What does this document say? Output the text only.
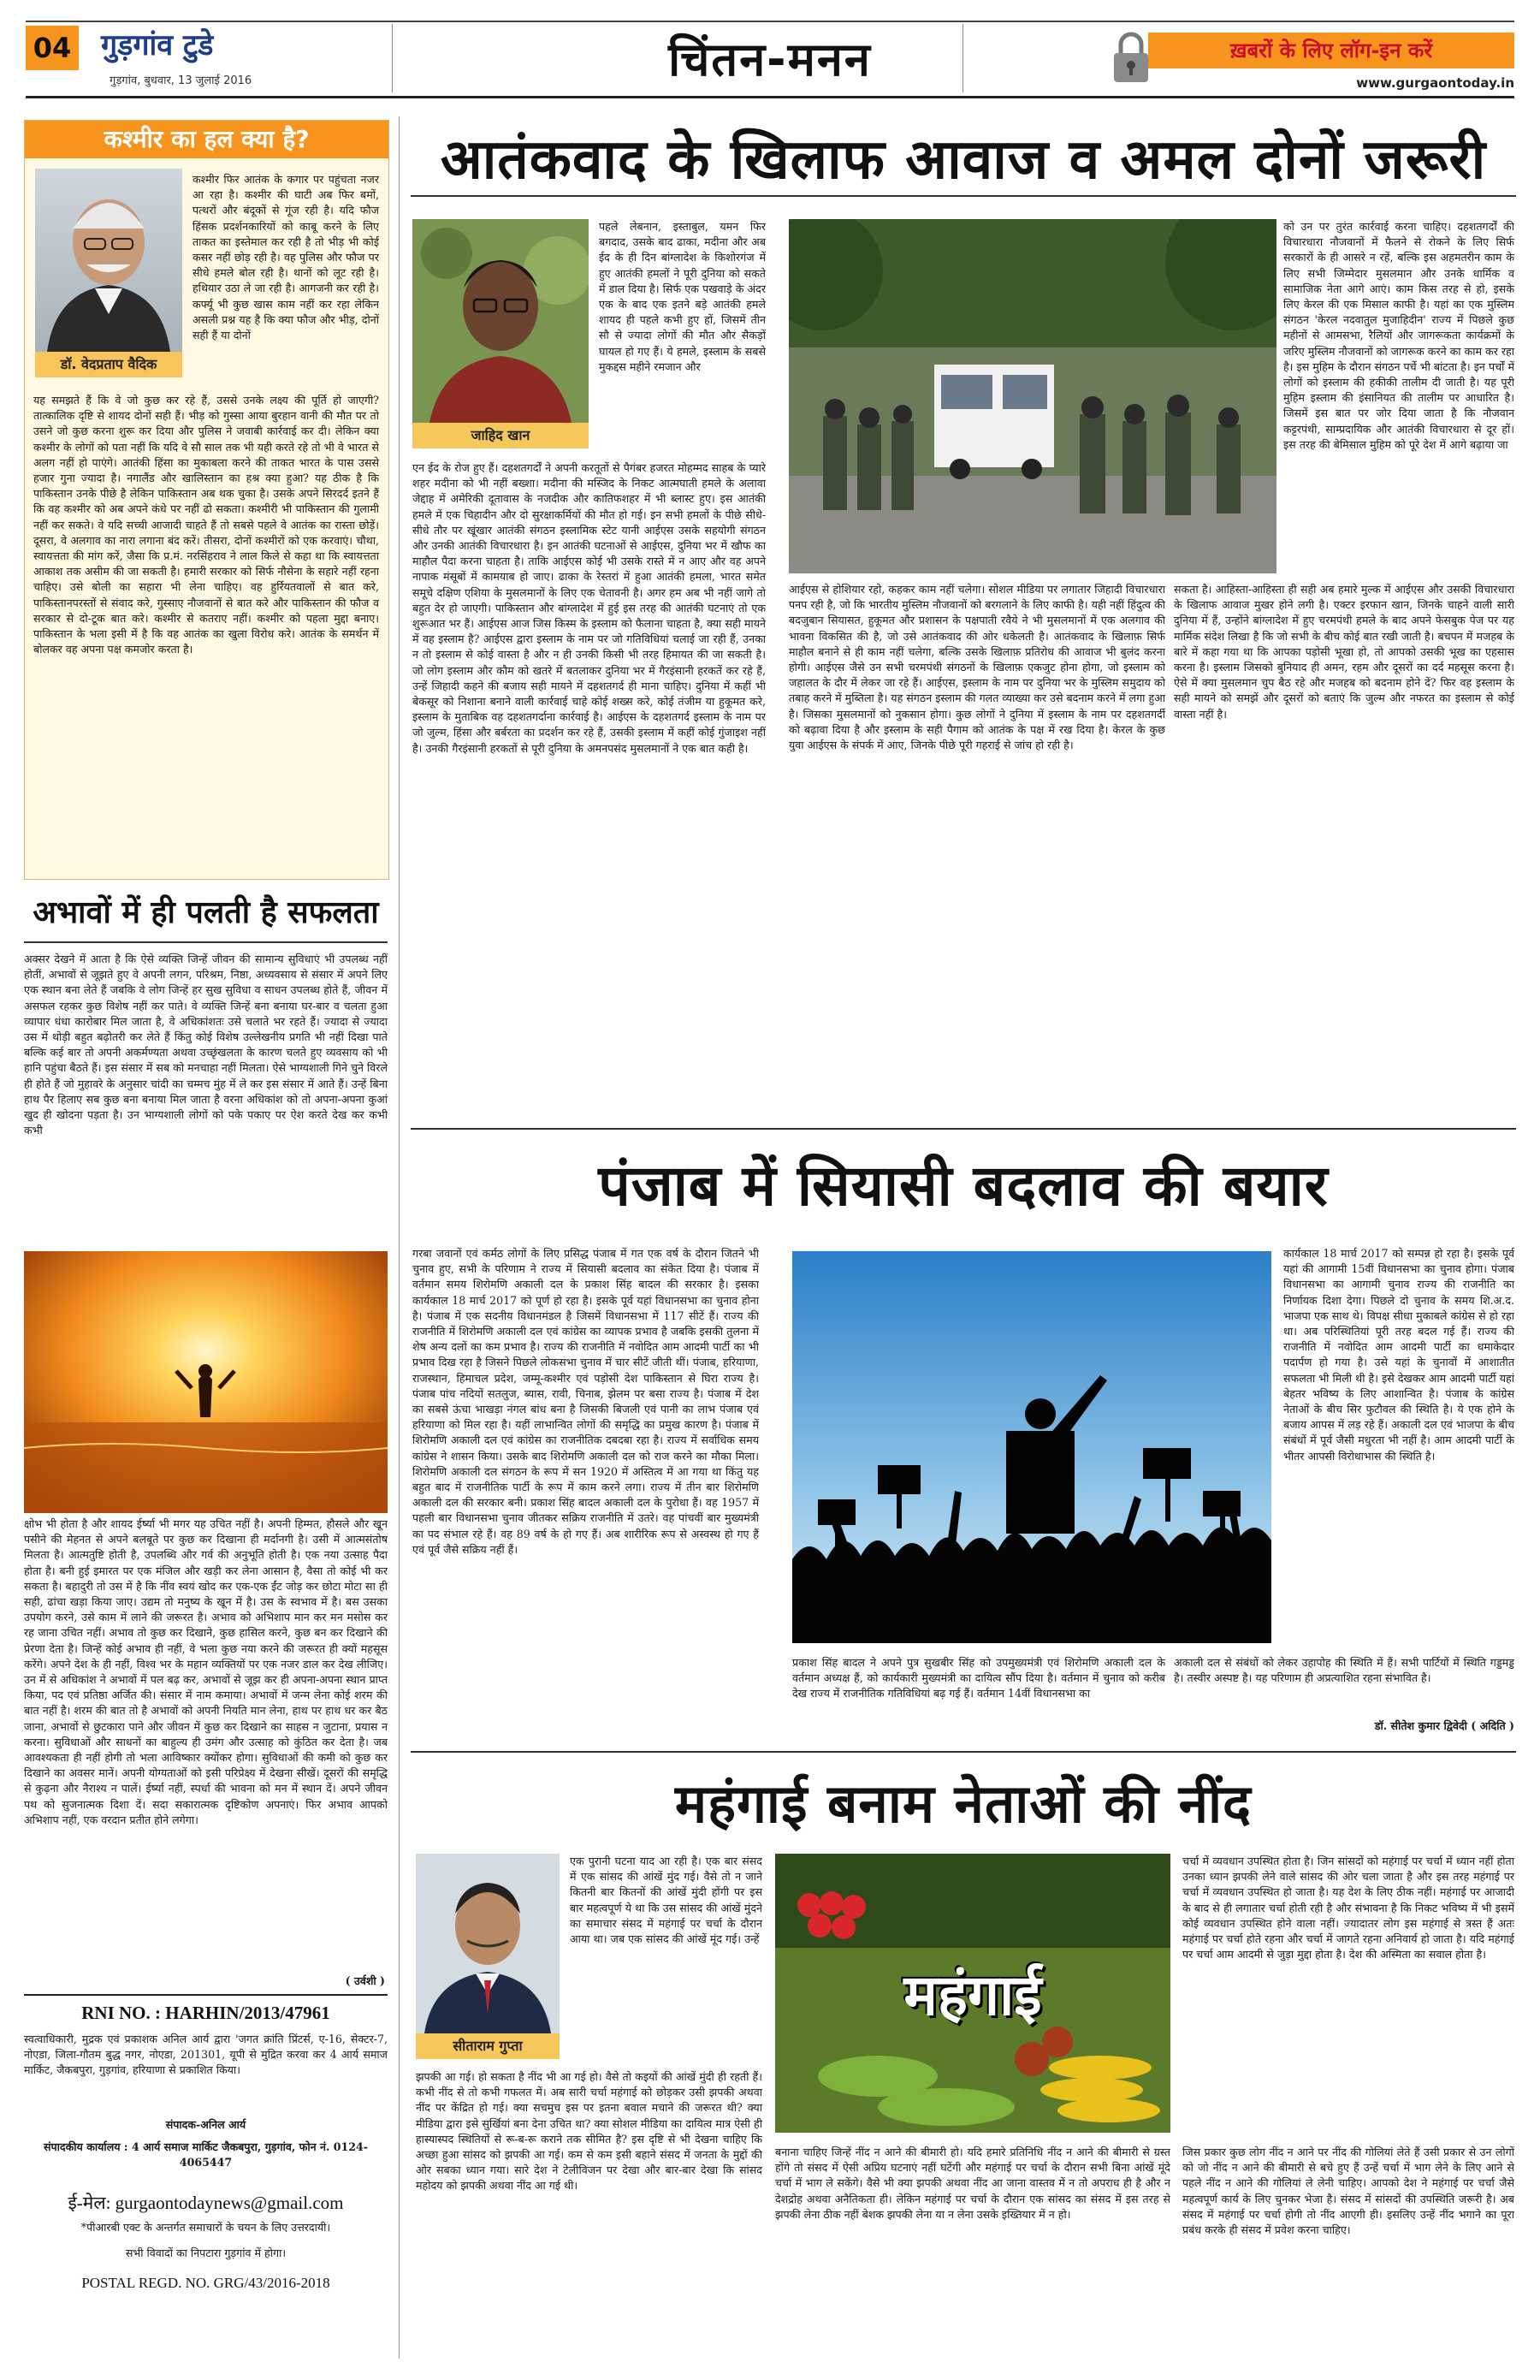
04 गुड़गांव टुडे
गुड़गांव, बुधवार, 13 जुलाई 2016	चिंतन-मनन	ख़बरों के लिए लॉग-इन करें
www.gurgaontoday.in
कश्मीर का हल क्या है?
डॉ. वेदप्रताप वैदिक
कश्मीर फिर आतंक के कगार पर पहुंचता नजर आ रहा है। कश्मीर की घाटी अब फिर बमों, पत्थरों और बंदूकों से गूंज रही है। यदि फौज हिंसक प्रदर्शनकारियों को काबू करने के लिए ताकत का इस्तेमाल कर रही है तो भीड़ भी कोई कसर नहीं छोड़ रही है। वह पुलिस और फौज पर सीधे हमले बोल रही है। थानों को लूट रही है। हथियार उठा ले जा रही है। आगजनी कर रही है। कर्फ्यू भी कुछ खास काम नहीं कर रहा लेकिन असली प्रश्न यह है कि क्या फौज और भीड़, दोनों सही हैं या दोनों
यह समझते हैं कि वे जो कुछ कर रहे हैं, उससे उनके लक्ष्य की पूर्ति हो जाएगी? तात्कालिक दृष्टि से शायद दोनों सही हैं। भीड़ को गुस्सा आया बुरहान वानी की मौत पर तो उसने जो कुछ करना शुरू कर दिया और पुलिस ने जवाबी कार्रवाई कर दी। लेकिन क्या कश्मीर के लोगों को पता नहीं कि यदि वे सौ साल तक भी यही करते रहे तो भी वे भारत से अलग नहीं हो पाएंगे। आतंकी हिंसा का मुकाबला करने की ताकत भारत के पास उससे हजार गुना ज्यादा है। नगालैंड और खालिस्तान का हश्र क्या हुआ? यह ठीक है कि पाकिस्तान उनके पीछे है लेकिन पाकिस्तान अब थक चुका है। उसके अपने सिरदर्द इतने हैं कि वह कश्मीर को अब अपने कंधे पर नहीं ढो सकता। कश्मीरी भी पाकिस्तान की गुलामी नहीं कर सकते। वे यदि सच्ची आजादी चाहते हैं तो सबसे पहले वे आतंक का रास्ता छोड़ें। दूसरा, वे अलगाव का नारा लगाना बंद करें। तीसरा, दोनों कश्मीरों को एक करवाएं। चौथा, स्वायत्तता की मांग करें, जैसा कि प्र.मं. नरसिंहराव ने लाल किले से कहा था कि स्वायत्तता आकाश तक असीम की जा सकती है। हमारी सरकार को सिर्फ नौसेना के सहारे नहीं रहना चाहिए। उसे बोली का सहारा भी लेना चाहिए। वह हुर्रियतवालों से बात करे, पाकिस्तानपरस्तों से संवाद करे, गुस्साए नौजवानों से बात करे और पाकिस्तान की फौज व सरकार से दो-टूक बात करे। कश्मीर से कतराए नहीं। कश्मीर को पहला मुद्दा बनाए। पाकिस्तान के भला इसी में है कि वह आतंक का खुला विरोध करे। आतंक के समर्थन में बोलकर वह अपना पक्ष कमजोर करता है।
अभावों में ही पलती है सफलता
अक्सर देखने में आता है कि ऐसे व्यक्ति जिन्हें जीवन की सामान्य सुविधाएं भी उपलब्ध नहीं होतीं, अभावों से जूझते हुए वे अपनी लगन, परिश्रम, निष्ठा, अध्यवसाय से संसार में अपने लिए एक स्थान बना लेते हैं जबकि वे लोग जिन्हें हर सुख सुविधा व साधन उपलब्ध होते हैं, जीवन में असफल रहकर कुछ विशेष नहीं कर पाते। वे व्यक्ति जिन्हें बना बनाया घर-बार व चलता हुआ व्यापार धंधा कारोबार मिल जाता है, वे अधिकांशतः उसे चलाते भर रहते हैं। ज्यादा से ज्यादा उस में थोड़ी बहुत बढ़ोतरी कर लेते हैं किंतु कोई विशेष उल्लेखनीय प्रगति भी नहीं दिखा पाते बल्कि कई बार तो अपनी अकर्मण्यता अथवा उच्छृंखलता के कारण चलते हुए व्यवसाय को भी हानि पहुंचा बैठते हैं। इस संसार में सब को मनचाहा नहीं मिलता। ऐसे भाग्यशाली गिने चुने विरले ही होते हैं जो मुहावरे के अनुसार चांदी का चम्मच मुंह में ले कर इस संसार में आते हैं। उन्हें बिना हाथ पैर हिलाए सब कुछ बना बनाया मिल जाता है वरना अधिकांश को तो अपना-अपना कुआं खुद ही खोदना पड़ता है। उन भाग्यशाली लोगों को पके पकाए पर ऐश करते देख कर कभी कभी
क्षोभ भी होता है और शायद ईर्ष्या भी मगर यह उचित नहीं है। अपनी हिम्मत, हौसले और खून पसीने की मेहनत से अपने बलबूते पर कुछ कर दिखाना ही मर्दानगी है। उसी में आत्मसंतोष मिलता है। आत्मतुष्टि होती है, उपलब्धि और गर्व की अनुभूति होती है। एक नया उत्साह पैदा होता है। बनी हुई इमारत पर एक मंजिल और खड़ी कर लेना आसान है, वैसा तो कोई भी कर सकता है। बहादुरी तो उस में है कि नींव स्वयं खोद कर एक-एक ईंट जोड़ कर छोटा मोटा सा ही सही, ढांचा खड़ा किया जाए। उद्यम तो मनुष्य के खून में है। उस के स्वभाव में है। बस उसका उपयोग करने, उसे काम में लाने की जरूरत है। अभाव को अभिशाप मान कर मन मसोस कर रह जाना उचित नहीं। अभाव तो कुछ कर दिखाने, कुछ हासिल करने, कुछ बन कर दिखाने की प्रेरणा देता है। जिन्हें कोई अभाव ही नहीं, वे भला कुछ नया करने की जरूरत ही क्यों महसूस करेंगे। अपने देश के ही नहीं, विश्व भर के महान व्यक्तियों पर एक नजर डाल कर देख लीजिए। उन में से अधिकांश ने अभावों में पल बढ़ कर, अभावों से जूझ कर ही अपना-अपना स्थान प्राप्त किया, पद एवं प्रतिष्ठा अर्जित की। संसार में नाम कमाया। अभावों में जन्म लेना कोई शरम की बात नहीं है। शरम की बात तो है अभावों को अपनी नियति मान लेना, हाथ पर हाथ धर कर बैठ जाना, अभावों से छुटकारा पाने और जीवन में कुछ कर दिखाने का साहस न जुटाना, प्रयास न करना। सुविधाओं और साधनों का बाहुल्य ही उमंग और उत्साह को कुंठित कर देता है। जब आवश्यकता ही नहीं होगी तो भला आविष्कार क्योंकर होगा। सुविधाओं की कमी को कुछ कर दिखाने का अवसर मानें। अपनी योग्यताओं को इसी परिप्रेक्ष्य में देखना सीखें। दूसरों की समृद्धि से कुढ़ना और नैराश्य न पालें। ईर्ष्या नहीं, स्पर्धा की भावना को मन में स्थान दें। अपने जीवन पथ को सुजनात्मक दिशा दें। सदा सकारात्मक दृष्टिकोण अपनाएं। फिर अभाव आपको अभिशाप नहीं, एक वरदान प्रतीत होने लगेगा।
( उर्वशी )
RNI NO. : HARHIN/2013/47961
स्वत्वाधिकारी, मुद्रक एवं प्रकाशक अनिल आर्य द्वारा 'जगत क्रांति प्रिंटर्स, ए-16, सेक्टर-7, नोएडा, जिला-गौतम बुद्ध नगर, नोएडा, 201301, यूपी से मुद्रित करवा कर 4 आर्य समाज मार्किट, जैकबपुरा, गुड़गांव, हरियाणा से प्रकाशित किया।
संपादक-अनिल आर्य
संपादकीय कार्यालय : 4 आर्य समाज मार्किट जैकबपुरा, गुड़गांव, फोन नं. 0124-4065447
ई-मेल: gurgaontodaynews@gmail.com
*पीआरबी एक्ट के अन्तर्गत समाचारों के चयन के लिए उत्तरदायी।
सभी विवादों का निपटारा गुड़गांव में होगा।
POSTAL REGD. NO. GRG/43/2016-2018
आतंकवाद के खिलाफ आवाज व अमल दोनों जरूरी
जाहिद खान
पहले लेबनान, इस्ताबुल, यमन फिर बगदाद, उसके बाद ढाका, मदीना और अब ईद के ही दिन बांग्लादेश के किशोरगंज में हुए आतंकी हमलों ने पूरी दुनिया को सकते में डाल दिया है। सिर्फ एक पखवाड़े के अंदर एक के बाद एक इतने बड़े आतंकी हमले शायद ही पहले कभी हुए हों, जिसमें तीन सौ से ज्यादा लोगों की मौत और सैकड़ों घायल हो गए हैं। ये हमले, इस्लाम के सबसे मुकद्दस महीने रमजान और
एन ईद के रोज हुए हैं। दहशतगर्दों ने अपनी करतूतों से पैगंबर हजरत मोहम्मद साहब के प्यारे शहर मदीना को भी नहीं बख्शा। मदीना की मस्जिद के निकट आत्मघाती हमले के अलावा जेद्दाह में अमेरिकी दूतावास के नजदीक और कातिफशहर में भी ब्लास्ट हुए। इस आतंकी हमले में एक चिहादीन और दो सुरक्षाकर्मियों की मौत हो गई। इन सभी हमलों के पीछे सीधे-सीधे तौर पर खूंखार आतंकी संगठन इस्लामिक स्टेट यानी आईएस उसके सहयोगी संगठन और उनकी आतंकी विचारधारा है। इन आतंकी घटनाओं से आईएस, दुनिया भर में खौफ का माहौल पैदा करना चाहता है। ताकि आईएस कोई भी उसके रास्ते में न आए और वह अपने नापाक मंसूबों में कामयाब हो जाए। ढाका के रेस्तरां में हुआ आतंकी हमला, भारत समेत समूचे दक्षिण एशिया के मुसलमानों के लिए एक चेतावनी है। अगर हम अब भी नहीं जागे तो बहुत देर हो जाएगी। पाकिस्तान और बांग्लादेश में हुई इस तरह की आतंकी घटनाएं तो एक शुरूआत भर हैं। आईएस आज जिस किस्म के इस्लाम को फैलाना चाहता है, क्या सही मायने में वह इस्लाम है? आईएस द्वारा इस्लाम के नाम पर जो गतिविधियां चलाई जा रही हैं, उनका न तो इस्लाम से कोई वास्ता है और न ही उनकी किसी भी तरह हिमायत की जा सकती है। जो लोग इस्लाम और कौम को खतरे में बतलाकर दुनिया भर में गैरइंसानी हरकतें कर रहे हैं, उन्हें जिहादी कहने की बजाय सही मायने में दहशतगर्द ही माना चाहिए। दुनिया में कहीं भी बेकसूर को निशाना बनाने वाली कार्रवाई चाहे कोई शख्स करे, कोई तंजीम या हुकूमत करे, इस्लाम के मुताबिक वह दहशतगर्दाना कार्रवाई है। आईएस के दहशतगर्द इस्लाम के नाम पर जो जुल्म, हिंसा और बर्बरता का प्रदर्शन कर रहे हैं, उसकी इस्लाम में कहीं कोई गुंजाइश नहीं है। उनकी गैरइंसानी हरकतों से पूरी दुनिया के अमनपसंद मुसलमानों ने एक बात कही है।
आईएस से होशियार रहो, कहकर काम नहीं चलेगा। सोशल मीडिया पर लगातार जिहादी विचारधारा पनप रही है, जो कि भारतीय मुस्लिम नौजवानों को बरगलाने के लिए काफी है। यही नहीं हिंदुत्व की बदजुबान सियासत, हुकूमत और प्रशासन के पक्षपाती रवैये ने भी मुसलमानों में एक अलगाव की भावना विकसित की है, जो उसे आतंकवाद की ओर धकेलती है। आतंकवाद के खिलाफ़ सिर्फ माहौल बनाने से ही काम नहीं चलेगा, बल्कि उसके खिलाफ़ प्रतिरोध की आवाज भी बुलंद करना होगी। आईएस जैसे उन सभी चरमपंथी संगठनों के खिलाफ़ एकजुट होना होगा, जो इस्लाम को जहालत के दौर में लेकर जा रहे हैं। आईएस, इस्लाम के नाम पर दुनिया भर के मुस्लिम समुदाय को तबाह करने में मुब्तिला है। यह संगठन इस्लाम की गलत व्याख्या कर उसे बदनाम करने में लगा हुआ है। जिसका मुसलमानों को नुकसान होगा। कुछ लोगों ने दुनिया में इस्लाम के नाम पर दहशतगर्दी को बढ़ावा दिया है और इस्लाम के सही पैगाम को आतंक के पक्ष में रख दिया है। केरल के कुछ युवा आईएस के संपर्क में आए, जिनके पीछे पूरी गहराई से जांच हो रही है।
को उन पर तुरंत कार्रवाई करना चाहिए। दहशतगर्दों की विचारधारा नौजवानों में फैलने से रोकने के लिए सिर्फ सरकारों के ही आसरे न रहें, बल्कि इस अहमतरीन काम के लिए सभी जिम्मेदार मुसलमान और उनके धार्मिक व सामाजिक नेता आगे आएं। काम किस तरह से हो, इसके लिए केरल की एक मिसाल काफी है। यहां का एक मुस्लिम संगठन 'केरल नदवातुल मुजाहिदीन' राज्य में पिछले कुछ महीनों से आमसभा, रैलियों और जागरूकता कार्यक्रमों के जरिए मुस्लिम नौजवानों को जागरूक करने का काम कर रहा है। इस मुहिम के दौरान संगठन पर्चे भी बांटता है। इन पर्चों में लोगों को इस्लाम की हकीकी तालीम दी जाती है। यह पूरी मुहिम इस्लाम की इंसानियत की तालीम पर आधारित है। जिसमें इस बात पर जोर दिया जाता है कि नौजवान कट्टरपंथी, साम्प्रदायिक और आतंकी विचारधारा से दूर हों। इस तरह की बेमिसाल मुहिम को पूरे देश में आगे बढ़ाया जा
सकता है। आहिस्ता-आहिस्ता ही सही अब हमारे मुल्क में आईएस और उसकी विचारधारा के खिलाफ आवाज मुखर होने लगी है। एक्टर इरफान खान, जिनके चाहने वाली सारी दुनिया में हैं, उन्होंने बांग्लादेश में हुए चरमपंथी हमले के बाद अपने फेसबुक पेज पर यह मार्मिक संदेश लिखा है कि जो सभी के बीच कोई बात रखी जाती है। बचपन में मजहब के बारे में कहा गया था कि आपका पड़ोसी भूखा हो, तो आपको उसकी भूख का एहसास करना है। इस्लाम जिसको बुनियाद ही अमन, रहम और दूसरों का दर्द महसूस करना है। ऐसे में क्या मुसलमान चुप बैठ रहे और मजहब को बदनाम होने दें? फिर वह इस्लाम के सही मायने को समझें और दूसरों को बताएं कि जुल्म और नफरत का इस्लाम से कोई वास्ता नहीं है।
पंजाब में सियासी बदलाव की बयार
गरबा जवानों एवं कर्मठ लोगों के लिए प्रसिद्ध पंजाब में गत एक वर्ष के दौरान जितने भी चुनाव हुए, सभी के परिणाम ने राज्य में सियासी बदलाव का संकेत दिया है। पंजाब में वर्तमान समय शिरोमणि अकाली दल के प्रकाश सिंह बादल की सरकार है। इसका कार्यकाल 18 मार्च 2017 को पूर्ण हो रहा है। इसके पूर्व यहां विधानसभा का चुनाव होना है। पंजाब में एक सदनीय विधानमंडल है जिसमें विधानसभा में 117 सीटें हैं। राज्य की राजनीति में शिरोमणि अकाली दल एवं कांग्रेस का व्यापक प्रभाव है जबकि इसकी तुलना में शेष अन्य दलों का कम प्रभाव है। राज्य की राजनीति में नवोदित आम आदमी पार्टी का भी प्रभाव दिख रहा है जिसने पिछले लोकसभा चुनाव में चार सीटें जीती थीं। पंजाब, हरियाणा, राजस्थान, हिमाचल प्रदेश, जम्मू-कश्मीर एवं पड़ोसी देश पाकिस्तान से घिरा राज्य है। पंजाब पांच नदियों सतलुज, ब्यास, रावी, चिनाब, झेलम पर बसा राज्य है। पंजाब में देश का सबसे ऊंचा भाखड़ा नंगल बांध बना है जिसकी बिजली एवं पानी का लाभ पंजाब एवं हरियाणा को मिल रहा है। यहीं लाभान्वित लोगों की समृद्धि का प्रमुख कारण है। पंजाब में शिरोमणि अकाली दल एवं कांग्रेस का राजनीतिक दबदबा रहा है। राज्य में सर्वाधिक समय कांग्रेस ने शासन किया। उसके बाद शिरोमणि अकाली दल को राज करने का मौका मिला। शिरोमणि अकाली दल संगठन के रूप में सन 1920 में अस्तित्व में आ गया था किंतु यह बहुत बाद में राजनीतिक पार्टी के रूप में काम करने लगा। राज्य में तीन बार शिरोमणि अकाली दल की सरकार बनी। प्रकाश सिंह बादल अकाली दल के पुरोधा हैं। वह 1957 में पहली बार विधानसभा चुनाव जीतकर सक्रिय राजनीति में उतरे। वह पांचवीं बार मुख्यमंत्री का पद संभाल रहे हैं। वह 89 वर्ष के हो गए हैं। अब शारीरिक रूप से अस्वस्थ हो गए हैं एवं पूर्व जैसे सक्रिय नहीं हैं।
कार्यकाल 18 मार्च 2017 को सम्पन्न हो रहा है। इसके पूर्व यहां की आगामी 15वीं विधानसभा का चुनाव होगा। पंजाब विधानसभा का आगामी चुनाव राज्य की राजनीति का निर्णायक दिशा देगा। पिछले दो चुनाव के समय शि.अ.द. भाजपा एक साथ थे। विपक्ष सीधा मुकाबले कांग्रेस से हो रहा था। अब परिस्थितियां पूरी तरह बदल गई हैं। राज्य की राजनीति में नवोदित आम आदमी पार्टी का धमाकेदार पदार्पण हो गया है। उसे यहां के चुनावों में आशातीत सफलता भी मिली थी है। इसे देखकर आम आदमी पार्टी यहां बेहतर भविष्य के लिए आशान्वित है। पंजाब के कांग्रेस नेताओं के बीच सिर फुटौवल की स्थिति है। ये एक होने के बजाय आपस में लड़ रहे हैं। अकाली दल एवं भाजपा के बीच संबंधों में पूर्व जैसी मधुरता भी नहीं है। आम आदमी पार्टी के भीतर आपसी विरोधाभास की स्थिति है।
प्रकाश सिंह बादल ने अपने पुत्र सुखबीर सिंह को उपमुख्यमंत्री एवं शिरोमणि अकाली दल के वर्तमान अध्यक्ष हैं, को कार्यकारी मुख्यमंत्री का दायित्व सौंप दिया है। वर्तमान में चुनाव को करीब देख राज्य में राजनीतिक गतिविधियां बढ़ गई हैं। वर्तमान 14वीं विधानसभा का
अकाली दल से संबंधों को लेकर उहापोह की स्थिति में हैं। सभी पार्टियों में स्थिति गड्डमड्ड है। तस्वीर अस्पष्ट है। यह परिणाम ही अप्रत्याशित रहना संभावित है।
डॉ. सीतेश कुमार द्विवेदी ( अदिति )
महंगाई बनाम नेताओं की नींद
सीताराम गुप्ता
एक पुरानी घटना याद आ रही है। एक बार संसद में एक सांसद की आंखें मुंद गई। वैसे तो न जाने कितनी बार कितनों की आंखें मुंदी होंगी पर इस बार महत्वपूर्ण ये था कि उस सांसद की आंखें मुंदने का समाचार संसद में महंगाई पर चर्चा के दौरान आया था। जब एक सांसद की आंखें मूंद गई। उन्हें
झपकी आ गई। हो सकता है नींद भी आ गई हो। वैसे तो कइयों की आंखें मुंदी ही रहती हैं। कभी नींद से तो कभी गफलत में। अब सारी चर्चा महंगाई को छोड़कर उसी झपकी अथवा नींद पर केंद्रित हो गई। क्या सचमुच इस पर इतना बवाल मचाने की जरूरत थी? क्या मीडिया द्वारा इसे सुर्खियां बना देना उचित था? क्या सोशल मीडिया का दायित्व मात्र ऐसी ही हास्यास्पद स्थितियों से रू-ब-रू कराने तक सीमित है? इस दृष्टि से भी देखना चाहिए कि अच्छा हुआ सांसद को झपकी आ गई। कम से कम इसी बहाने संसद में जनता के मुद्दों की ओर सबका ध्यान गया। सारे देश ने टेलीविजन पर देखा और बार-बार देखा कि सांसद महोदय को झपकी अथवा नींद आ गई थी।
महंगाई
बनाना चाहिए जिन्हें नींद न आने की बीमारी हो। यदि हमारे प्रतिनिधि नींद न आने की बीमारी से ग्रस्त होंगे तो संसद में ऐसी अप्रिय घटनाएं नहीं घटेंगी और महंगाई पर चर्चा के दौरान सभी बिना आंखें मूंदे चर्चा में भाग ले सकेंगे। वैसे भी क्या झपकी अथवा नींद आ जाना वास्तव में न तो अपराध ही है और न देशद्रोह अथवा अनैतिकता ही। लेकिन महंगाई पर चर्चा के दौरान एक सांसद का संसद में इस तरह से झपकी लेना ठीक नहीं बेशक झपकी लेना या न लेना उसके इख्तियार में न हो।
चर्चा में व्यवधान उपस्थित होता है। जिन सांसदों को महंगाई पर चर्चा में ध्यान नहीं होता उनका ध्यान झपकी लेने वाले सांसद की ओर चला जाता है और इस तरह महंगाई पर चर्चा में व्यवधान उपस्थित हो जाता है। यह देश के लिए ठीक नहीं। महंगाई पर आजादी के बाद से ही लगातार चर्चा होती रही है और संभावना है कि निकट भविष्य में भी इसमें कोई व्यवधान उपस्थित होने वाला नहीं। ज्यादातर लोग इस महंगाई से त्रस्त हैं अतः महंगाई पर चर्चा होते रहना और चर्चा में जागते रहना अनिवार्य हो जाता है। यदि महंगाई पर चर्चा आम आदमी से जुड़ा मुद्दा होता है। देश की अस्मिता का सवाल होता है।
जिस प्रकार कुछ लोग नींद न आने पर नींद की गोलियां लेते हैं उसी प्रकार से उन लोगों को जो नींद न आने की बीमारी से बचे हुए हैं उन्हें चर्चा में भाग लेने के लिए आने से पहले नींद न आने की गोलियां ले लेनी चाहिए। आपको देश ने महंगाई पर चर्चा जैसे महत्वपूर्ण कार्य के लिए चुनकर भेजा है। संसद में सांसदों की उपस्थिति जरूरी है। अब संसद में महंगाई पर चर्चा होगी तो नींद आएगी ही। इसलिए उन्हें नींद भगाने का पूरा प्रबंध करके ही संसद में प्रवेश करना चाहिए।
